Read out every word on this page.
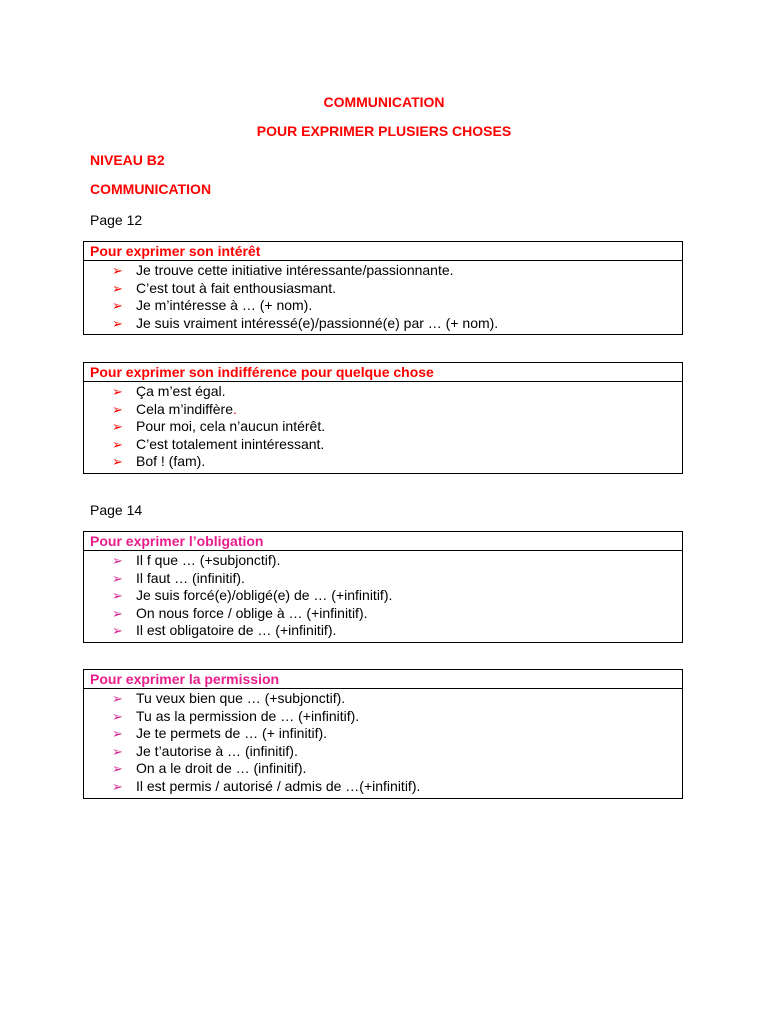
COMMUNICATION
POUR EXPRIMER PLUSIERS CHOSES
NIVEAU B2
COMMUNICATION
Page 12
Pour exprimer son intérêt
➢ Je trouve cette initiative intéressante/passionnante.
➢ C’est tout à fait enthousiasmant.
➢ Je m’intéresse à … (+ nom).
➢ Je suis vraiment intéressé(e)/passionné(e) par … (+ nom).
Pour exprimer son indifférence pour quelque chose
➢ Ça m’est égal.
➢ Cela m’indiffère.
➢ Pour moi, cela n’aucun intérêt.
➢ C’est totalement inintéressant.
➢ Bof ! (fam).
Page 14
Pour exprimer l’obligation
➢ Il f que … (+subjonctif).
➢ Il faut … (infinitif).
➢ Je suis forcé(e)/obligé(e) de … (+infinitif).
➢ On nous force / oblige à … (+infinitif).
➢ Il est obligatoire de … (+infinitif).
Pour exprimer la permission
➢ Tu veux bien que … (+subjonctif).
➢ Tu as la permission de … (+infinitif).
➢ Je te permets de … (+ infinitif).
➢ Je t’autorise à … (infinitif).
➢ On a le droit de … (infinitif).
➢ Il est permis / autorisé / admis de …(+infinitif).
